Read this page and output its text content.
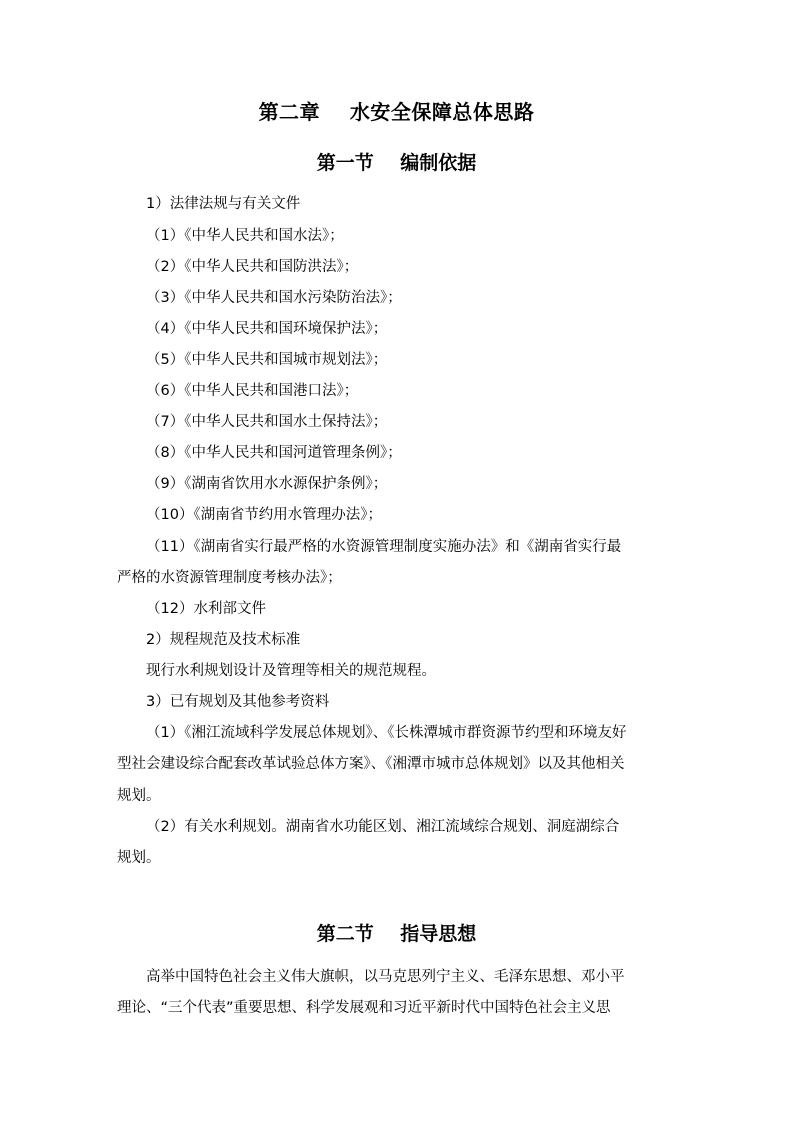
第二章    水安全保障总体思路
第一节    编制依据
1）法律法规与有关文件
（1）《中华人民共和国水法》；
（2）《中华人民共和国防洪法》；
（3）《中华人民共和国水污染防治法》；
（4）《中华人民共和国环境保护法》；
（5）《中华人民共和国城市规划法》；
（6）《中华人民共和国港口法》；
（7）《中华人民共和国水土保持法》；
（8）《中华人民共和国河道管理条例》；
（9）《湖南省饮用水水源保护条例》；
（10）《湖南省节约用水管理办法》；
（11）《湖南省实行最严格的水资源管理制度实施办法》和《湖南省实行最
严格的水资源管理制度考核办法》；
（12）水利部文件
2）规程规范及技术标准
现行水利规划设计及管理等相关的规范规程。
3）已有规划及其他参考资料
（1）《湘江流域科学发展总体规划》、《长株潭城市群资源节约型和环境友好
型社会建设综合配套改革试验总体方案》、《湘潭市城市总体规划》以及其他相关
规划。
（2）有关水利规划。湖南省水功能区划、湘江流域综合规划、洞庭湖综合
规划。
第二节    指导思想
高举中国特色社会主义伟大旗帜，以马克思列宁主义、毛泽东思想、邓小平
理论、“三个代表”重要思想、科学发展观和习近平新时代中国特色社会主义思
